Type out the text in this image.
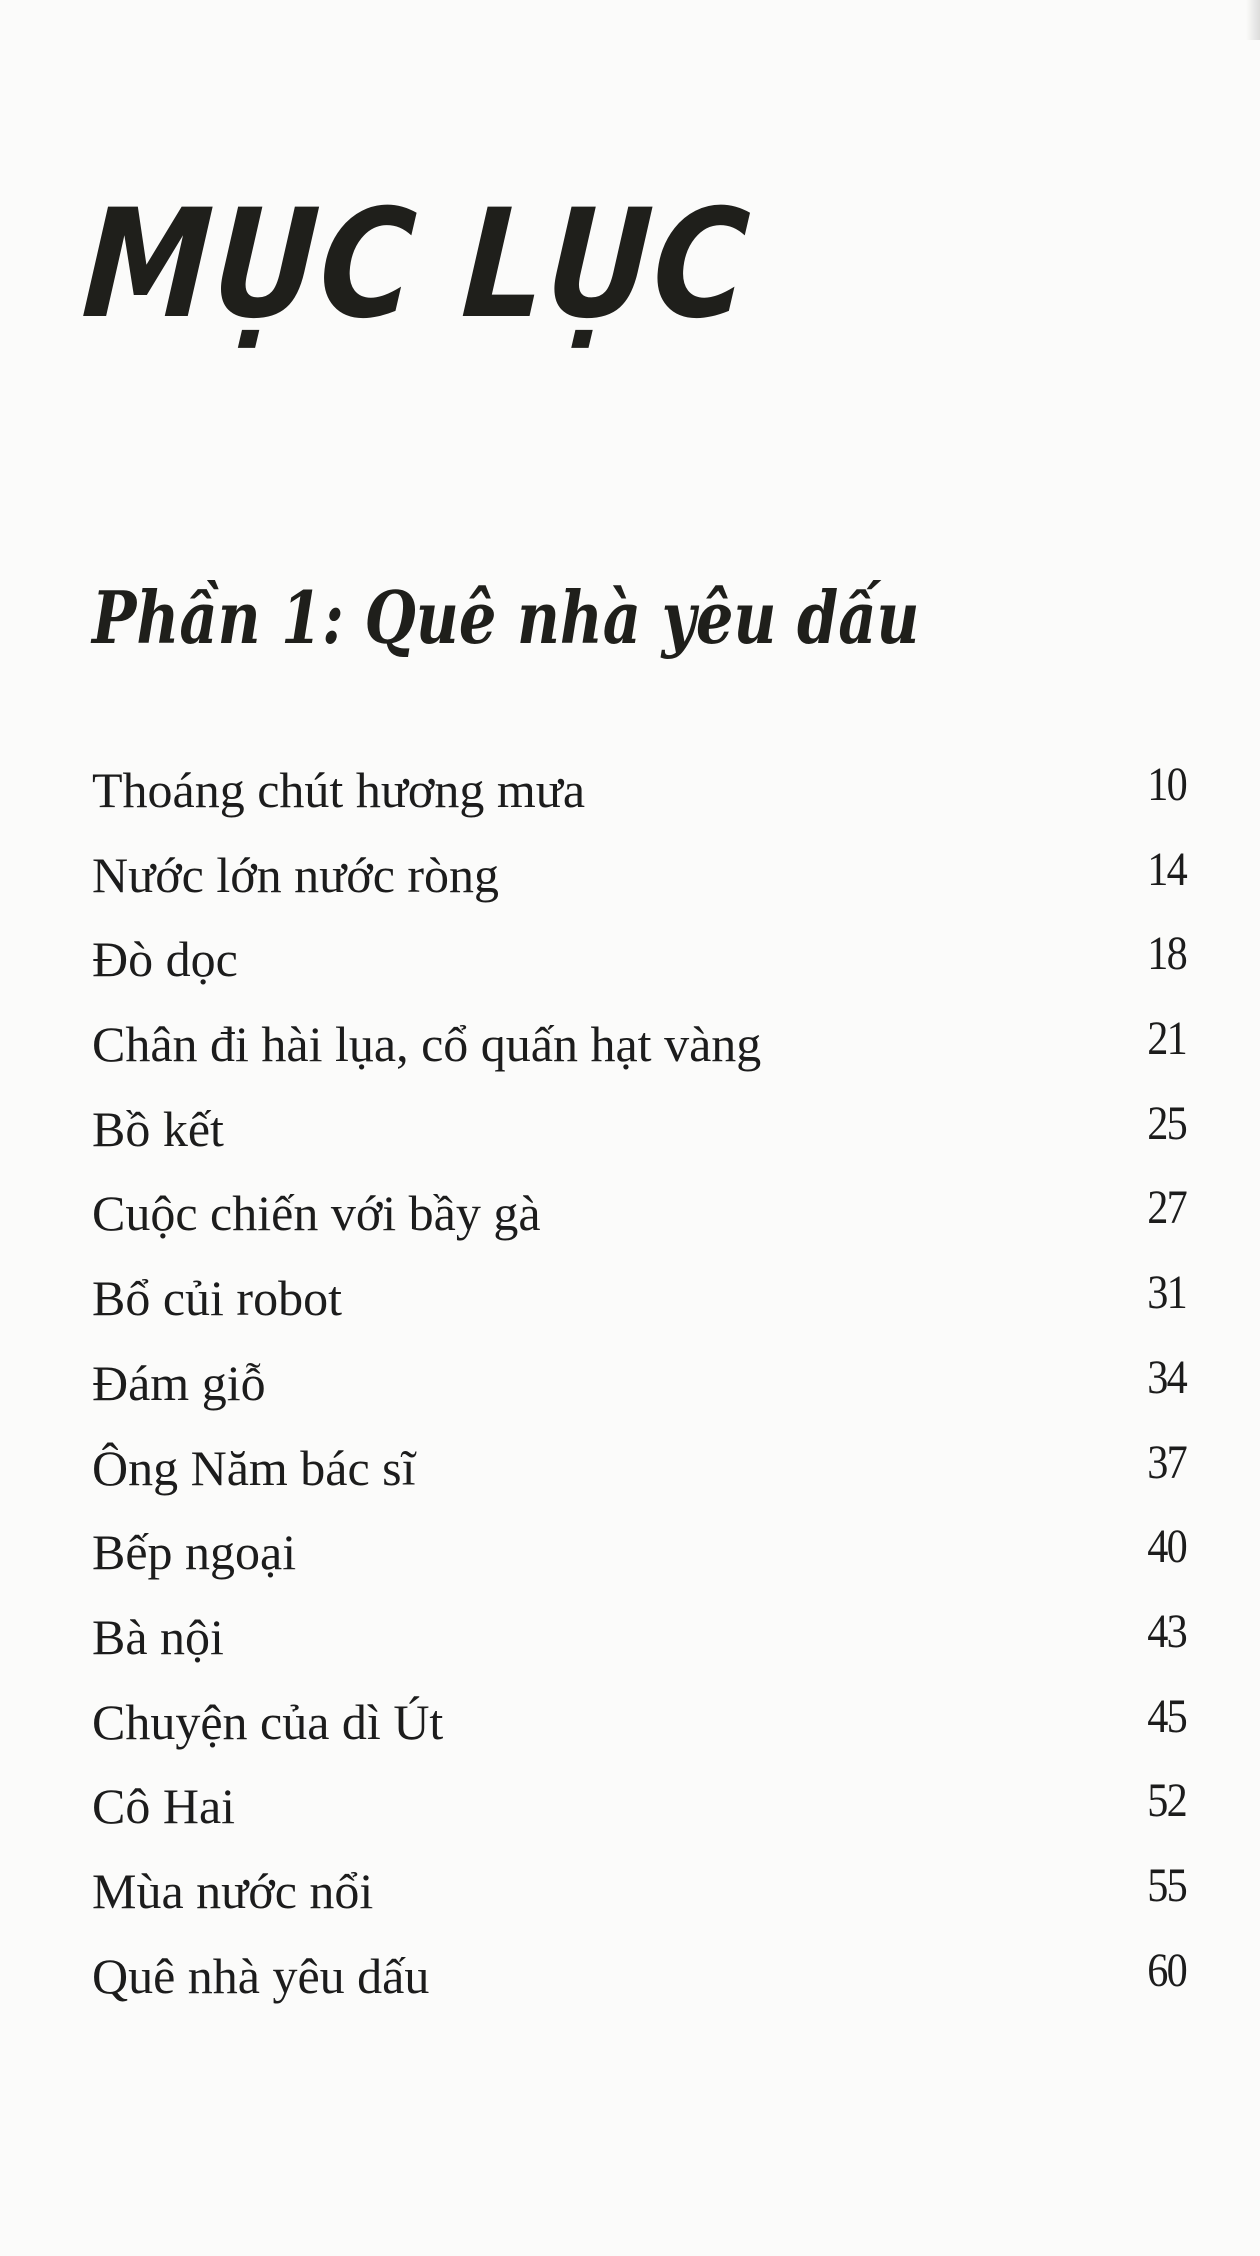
MỤC LỤC
Phần 1: Quê nhà yêu dấu
Thoáng chút hương mưa	10
Nước lớn nước ròng	14
Đò dọc	18
Chân đi hài lụa, cổ quấn hạt vàng	21
Bồ kết	25
Cuộc chiến với bầy gà	27
Bổ củi robot	31
Đám giỗ	34
Ông Năm bác sĩ	37
Bếp ngoại	40
Bà nội	43
Chuyện của dì Út	45
Cô Hai	52
Mùa nước nổi	55
Quê nhà yêu dấu	60
